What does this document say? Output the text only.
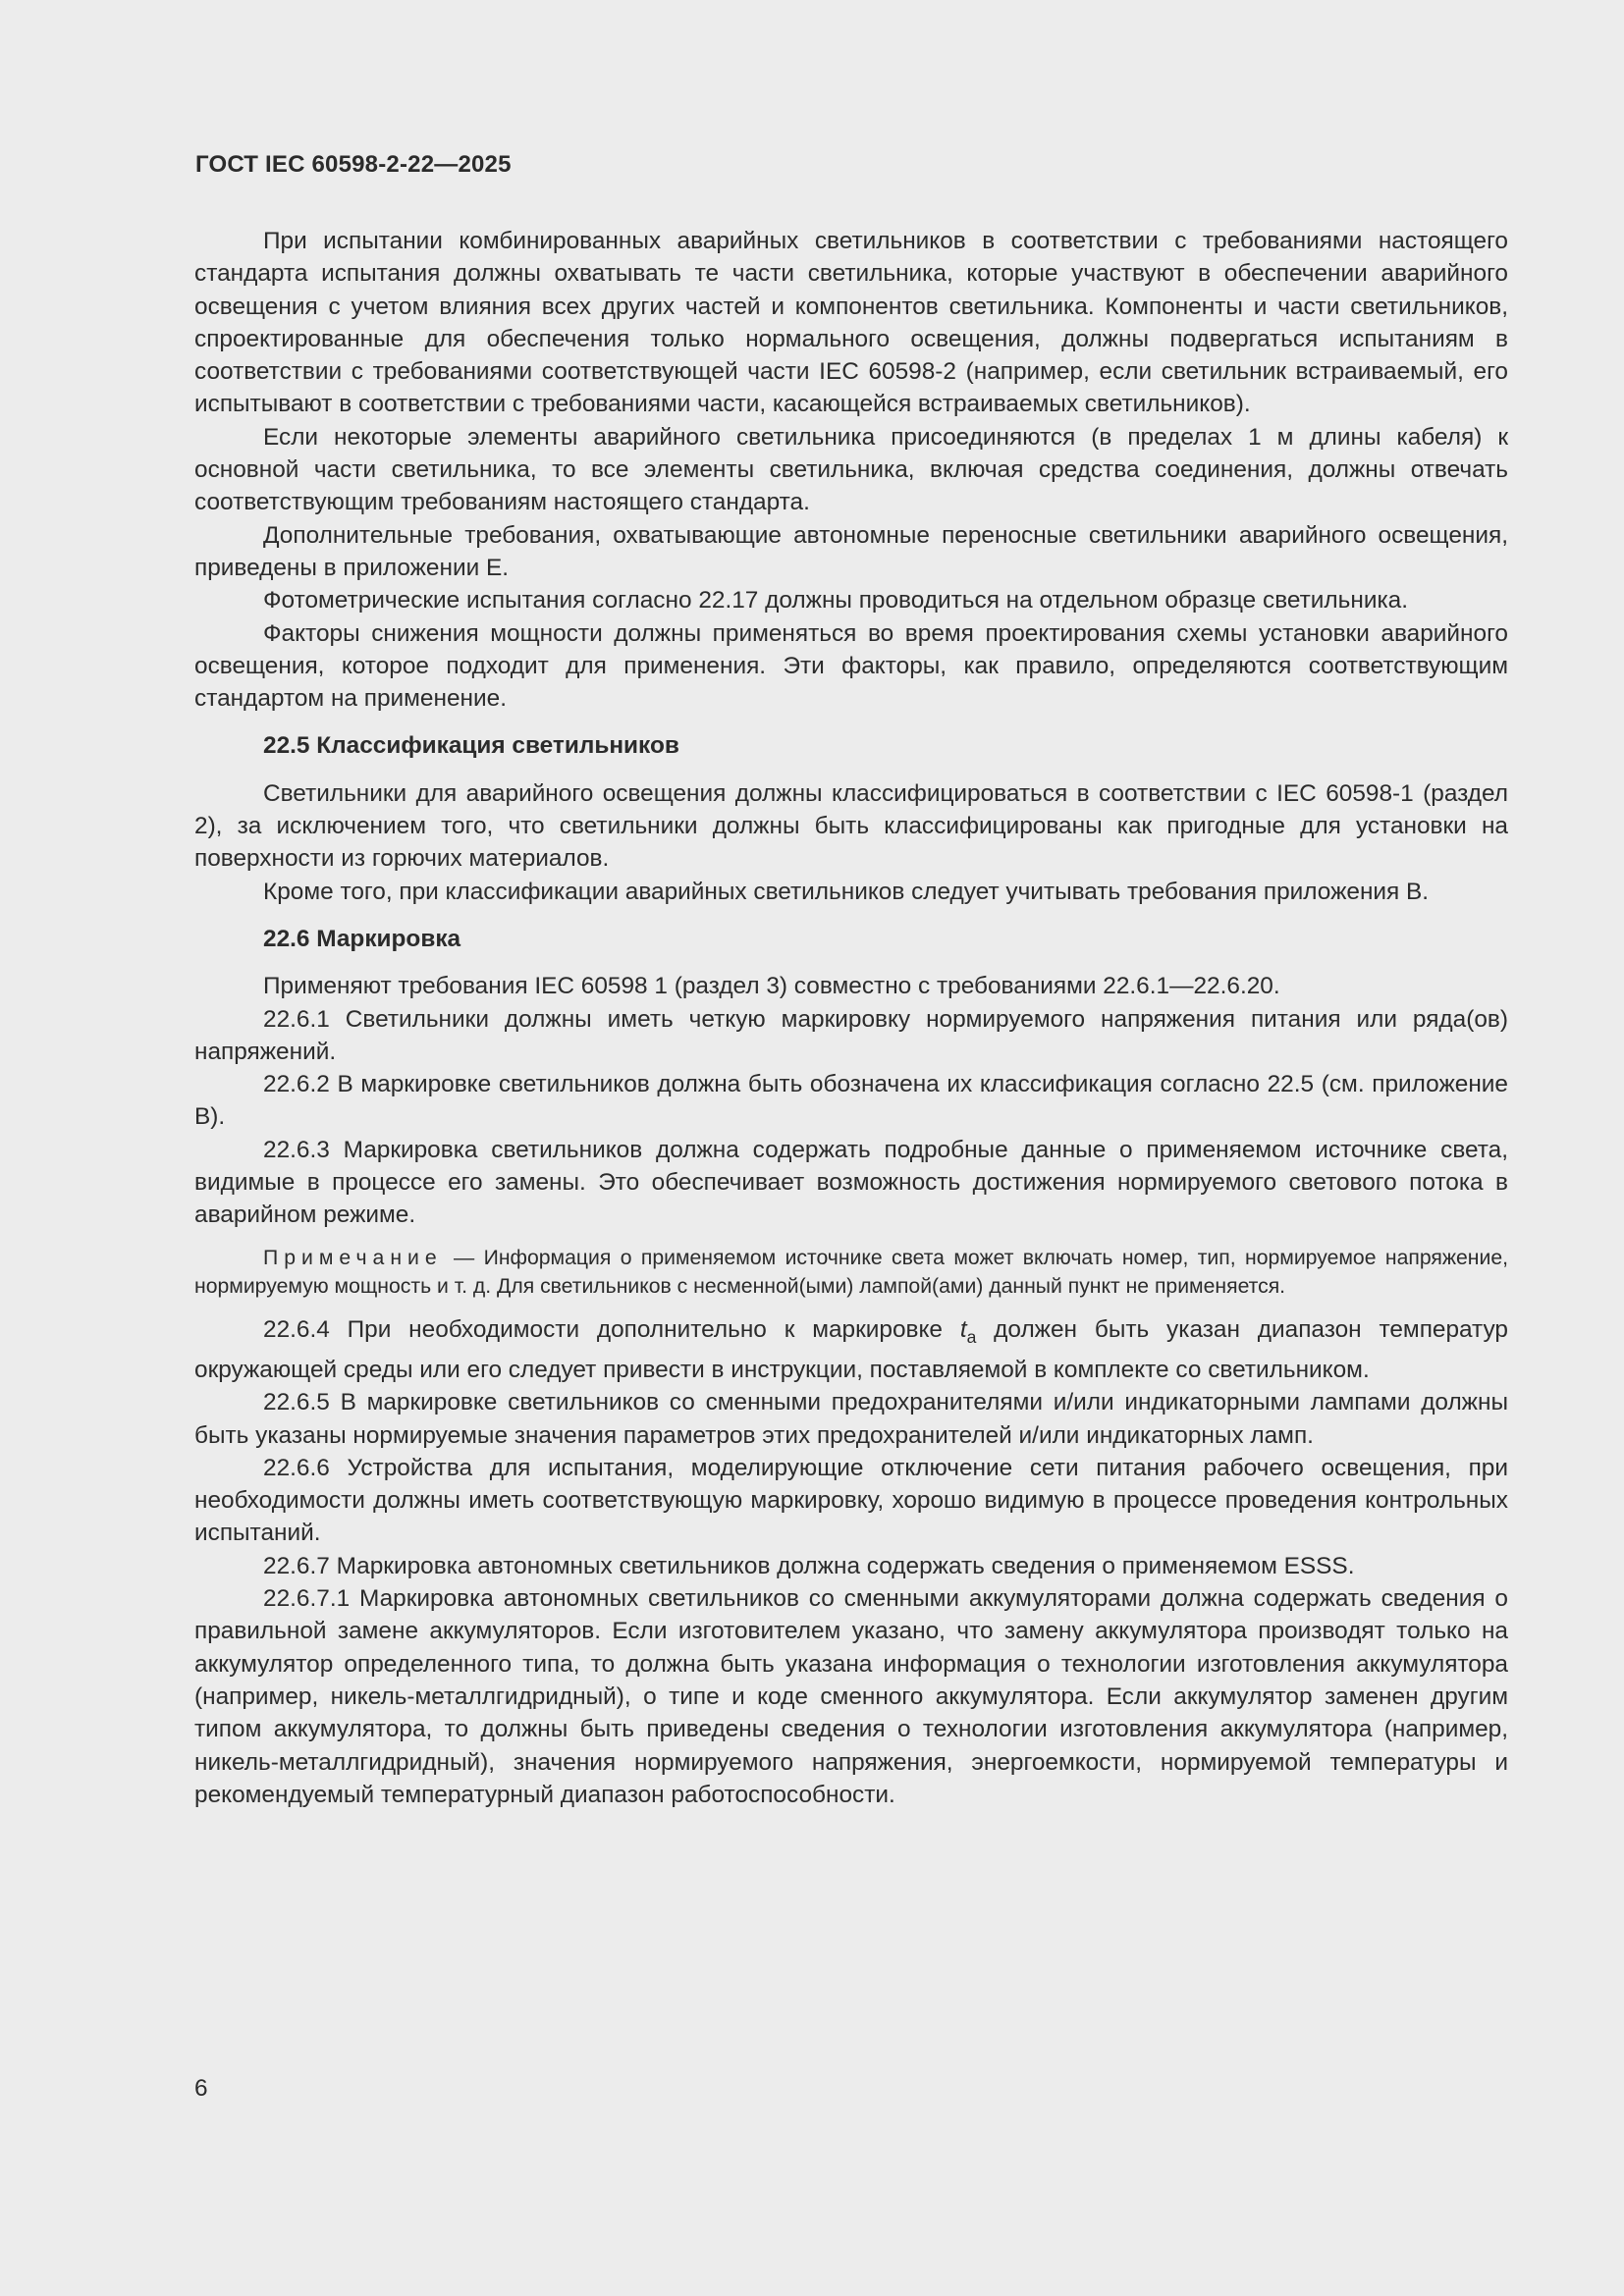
ГОСТ IEC 60598-2-22—2025

При испытании комбинированных аварийных светильников в соответствии с требованиями настоящего стандарта испытания должны охватывать те части светильника, которые участвуют в обеспечении аварийного освещения с учетом влияния всех других частей и компонентов светильника. Компоненты и части светильников, спроектированные для обеспечения только нормального освещения, должны подвергаться испытаниям в соответствии с требованиями соответствующей части IEC 60598-2 (например, если светильник встраиваемый, его испытывают в соответствии с требованиями части, касающейся встраиваемых светильников).

Если некоторые элементы аварийного светильника присоединяются (в пределах 1 м длины кабеля) к основной части светильника, то все элементы светильника, включая средства соединения, должны отвечать соответствующим требованиям настоящего стандарта.

Дополнительные требования, охватывающие автономные переносные светильники аварийного освещения, приведены в приложении Е.

Фотометрические испытания согласно 22.17 должны проводиться на отдельном образце светильника.

Факторы снижения мощности должны применяться во время проектирования схемы установки аварийного освещения, которое подходит для применения. Эти факторы, как правило, определяются соответствующим стандартом на применение.

22.5 Классификация светильников

Светильники для аварийного освещения должны классифицироваться в соответствии с IEC 60598-1 (раздел 2), за исключением того, что светильники должны быть классифицированы как пригодные для установки на поверхности из горючих материалов.

Кроме того, при классификации аварийных светильников следует учитывать требования приложения В.

22.6 Маркировка

Применяют требования IEC 60598 1 (раздел 3) совместно с требованиями 22.6.1—22.6.20.

22.6.1 Светильники должны иметь четкую маркировку нормируемого напряжения питания или ряда(ов) напряжений.

22.6.2 В маркировке светильников должна быть обозначена их классификация согласно 22.5 (см. приложение В).

22.6.3 Маркировка светильников должна содержать подробные данные о применяемом источнике света, видимые в процессе его замены. Это обеспечивает возможность достижения нормируемого светового потока в аварийном режиме.

Примечание — Информация о применяемом источнике света может включать номер, тип, нормируемое напряжение, нормируемую мощность и т. д. Для светильников с несменной(ыми) лампой(ами) данный пункт не применяется.

22.6.4 При необходимости дополнительно к маркировке $t_a$ должен быть указан диапазон температур окружающей среды или его следует привести в инструкции, поставляемой в комплекте со светильником.

22.6.5 В маркировке светильников со сменными предохранителями и/или индикаторными лампами должны быть указаны нормируемые значения параметров этих предохранителей и/или индикаторных ламп.

22.6.6 Устройства для испытания, моделирующие отключение сети питания рабочего освещения, при необходимости должны иметь соответствующую маркировку, хорошо видимую в процессе проведения контрольных испытаний.

22.6.7 Маркировка автономных светильников должна содержать сведения о применяемом ESSS.

22.6.7.1 Маркировка автономных светильников со сменными аккумуляторами должна содержать сведения о правильной замене аккумуляторов. Если изготовителем указано, что замену аккумулятора производят только на аккумулятор определенного типа, то должна быть указана информация о технологии изготовления аккумулятора (например, никель-металлгидридный), о типе и коде сменного аккумулятора. Если аккумулятор заменен другим типом аккумулятора, то должны быть приведены сведения о технологии изготовления аккумулятора (например, никель-металлгидридный), значения нормируемого напряжения, энергоемкости, нормируемой температуры и рекомендуемый температурный диапазон работоспособности.

6
